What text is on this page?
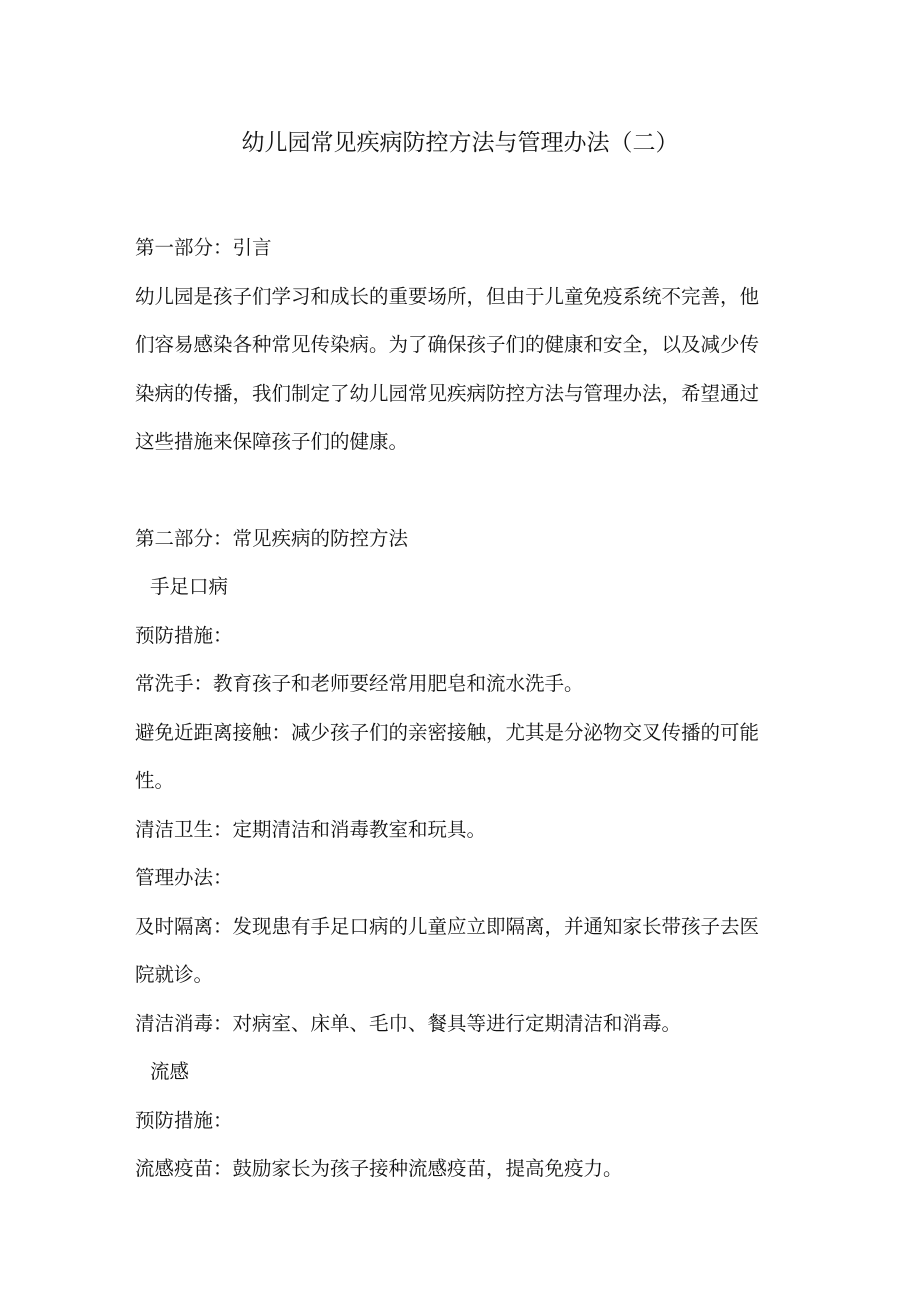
幼儿园常见疾病防控方法与管理办法（二）

第一部分：引言

幼儿园是孩子们学习和成长的重要场所，但由于儿童免疫系统不完善，他

们容易感染各种常见传染病。为了确保孩子们的健康和安全，以及减少传

染病的传播，我们制定了幼儿园常见疾病防控方法与管理办法，希望通过

这些措施来保障孩子们的健康。

第二部分：常见疾病的防控方法

手足口病

预防措施：

常洗手：教育孩子和老师要经常用肥皂和流水洗手。

避免近距离接触：减少孩子们的亲密接触，尤其是分泌物交叉传播的可能

性。

清洁卫生：定期清洁和消毒教室和玩具。

管理办法：

及时隔离：发现患有手足口病的儿童应立即隔离，并通知家长带孩子去医

院就诊。

清洁消毒：对病室、床单、毛巾、餐具等进行定期清洁和消毒。

流感

预防措施：

流感疫苗：鼓励家长为孩子接种流感疫苗，提高免疫力。
